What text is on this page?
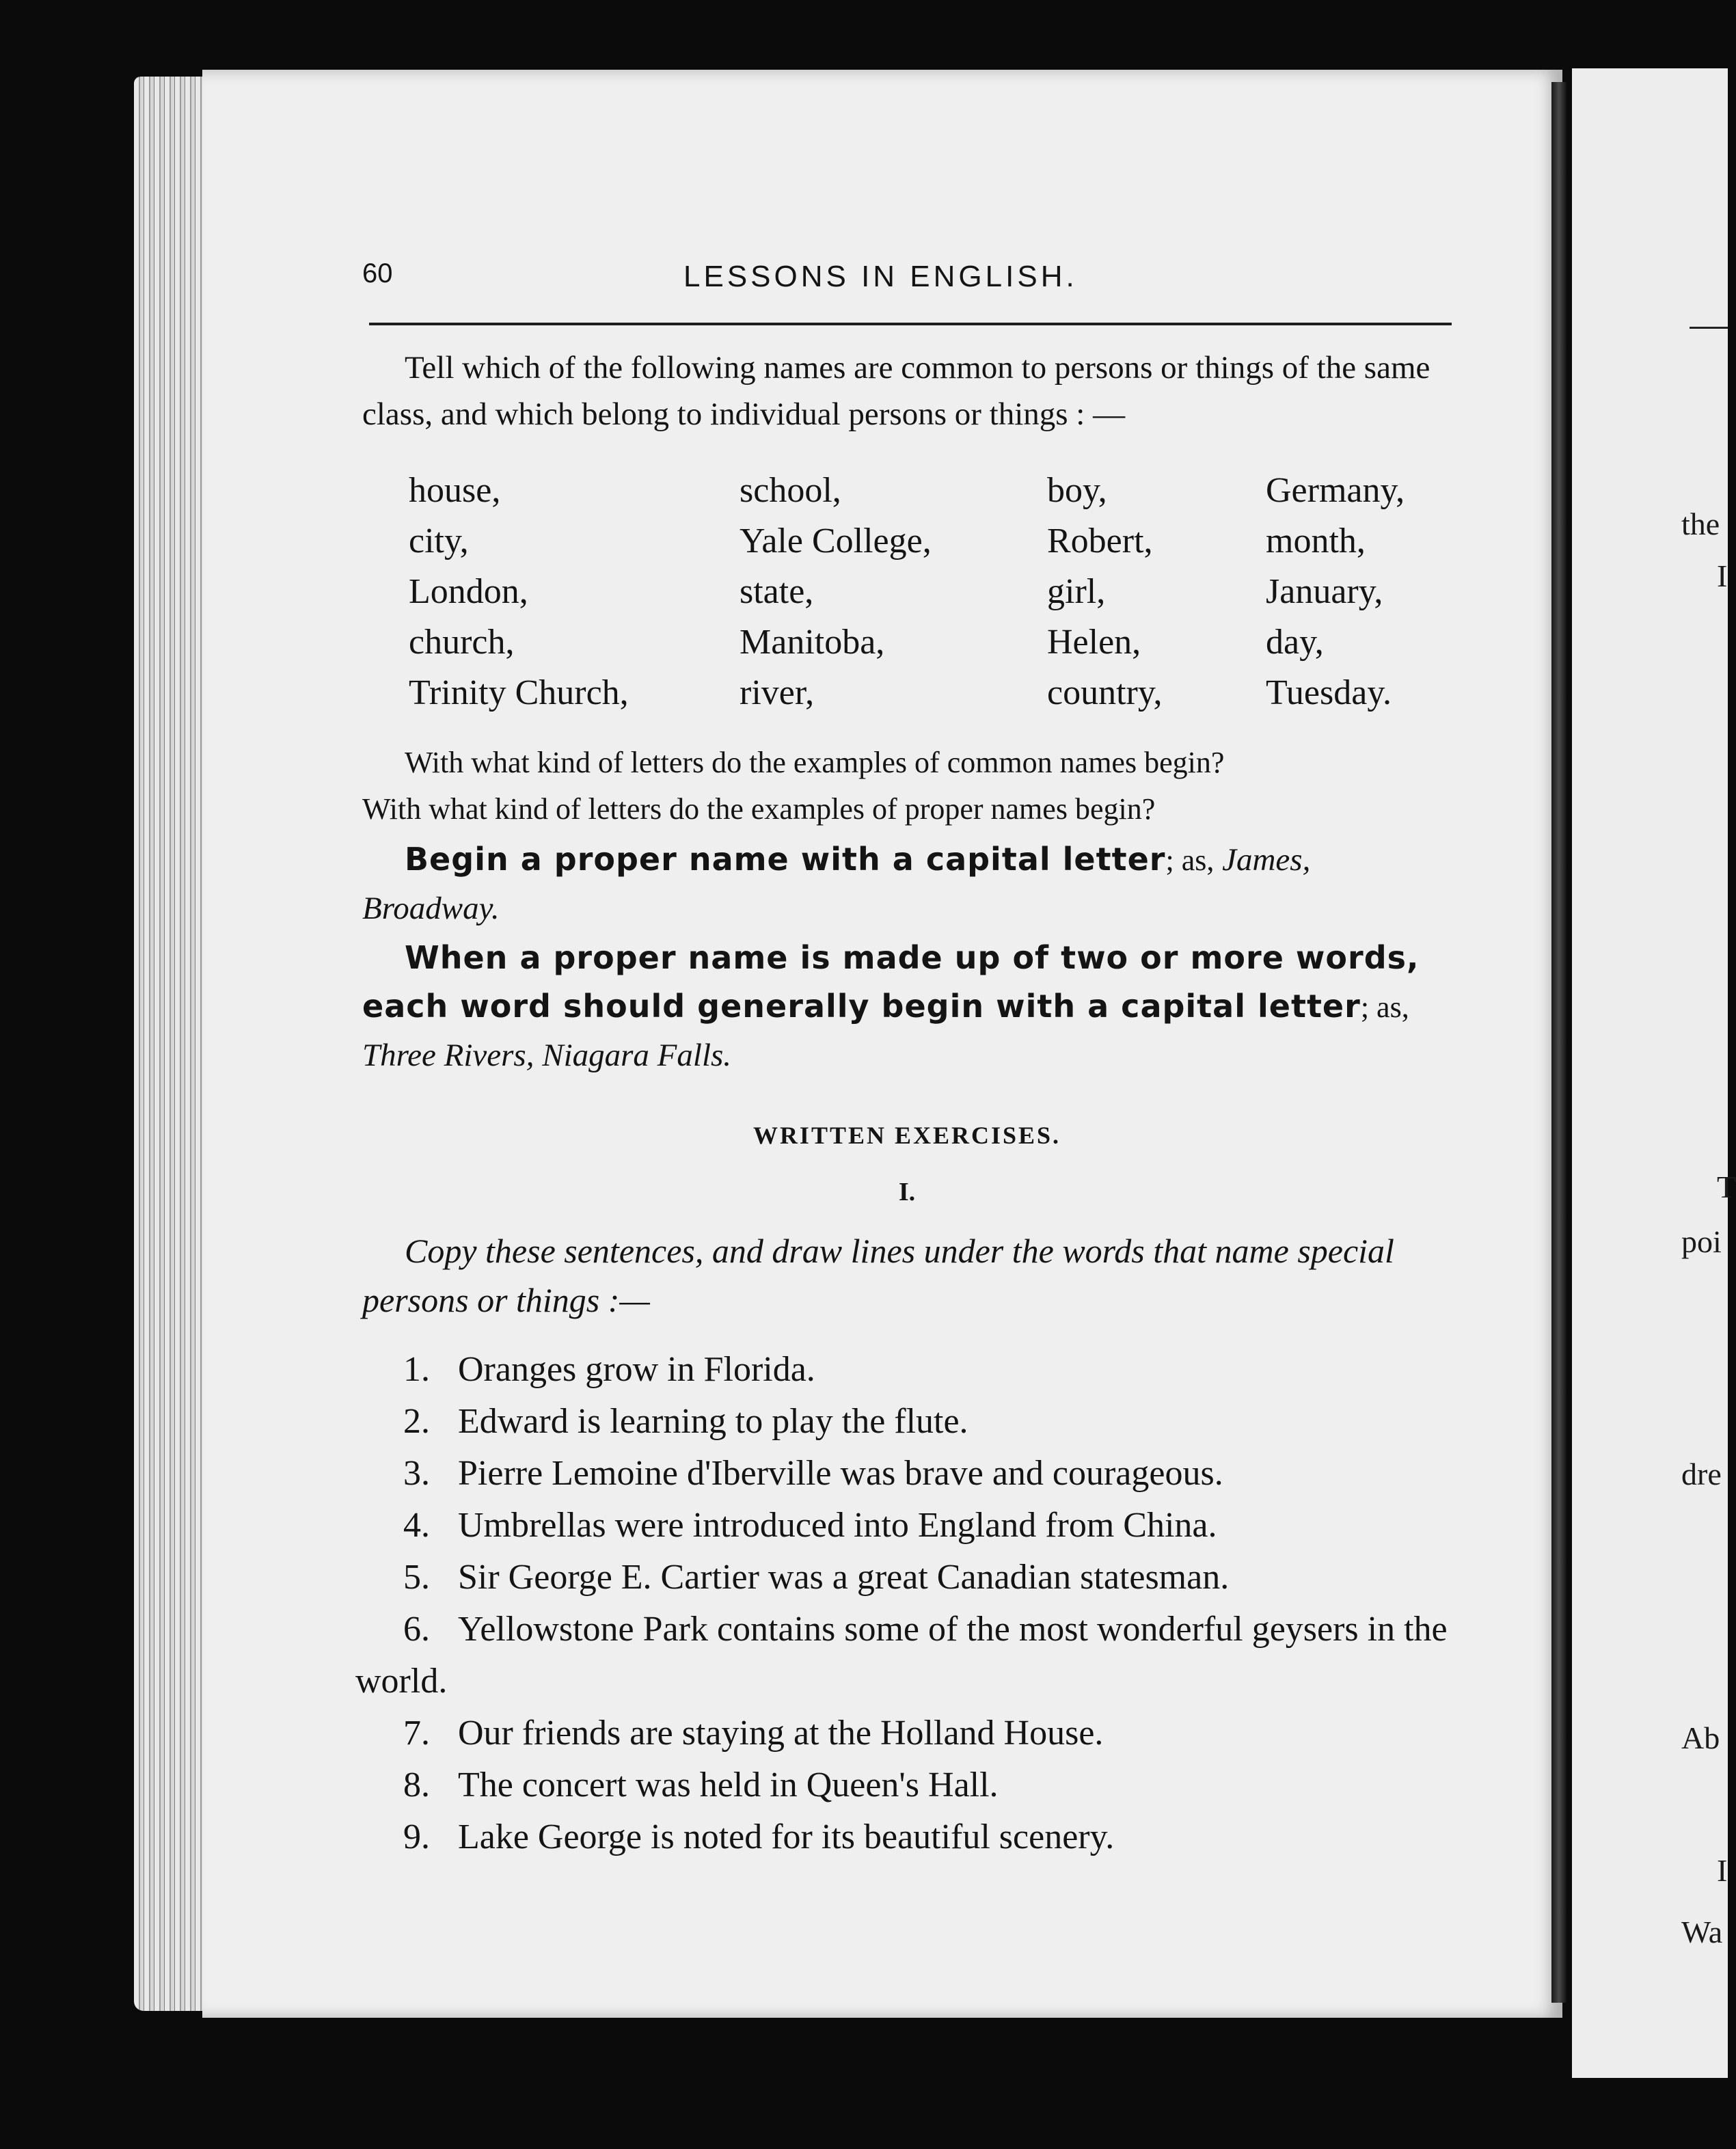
the
I
T
poi
dre
Ab
I
Wa
60	LESSONS IN ENGLISH.

Tell which of the following names are common to persons or things of the same class, and which belong to individual persons or things : —

house,	school,	boy,	Germany,
city,	Yale College,	Robert,	month,
London,	state,	girl,	January,
church,	Manitoba,	Helen,	day,
Trinity Church,	river,	country,	Tuesday.

With what kind of letters do the examples of common names begin?

With what kind of letters do the examples of proper names begin?

Begin a proper name with a capital letter; as, James, Broadway.

When a proper name is made up of two or more words, each word should generally begin with a capital letter; as, Three Rivers, Niagara Falls.

WRITTEN EXERCISES.
I.

Copy these sentences, and draw lines under the words that name special persons or things :—

1. Oranges grow in Florida.
2. Edward is learning to play the flute.
3. Pierre Lemoine d'Iberville was brave and courageous.
4. Umbrellas were introduced into England from China.
5. Sir George E. Cartier was a great Canadian statesman.
6. Yellowstone Park contains some of the most wonderful geysers in the world.
7. Our friends are staying at the Holland House.
8. The concert was held in Queen's Hall.
9. Lake George is noted for its beautiful scenery.
